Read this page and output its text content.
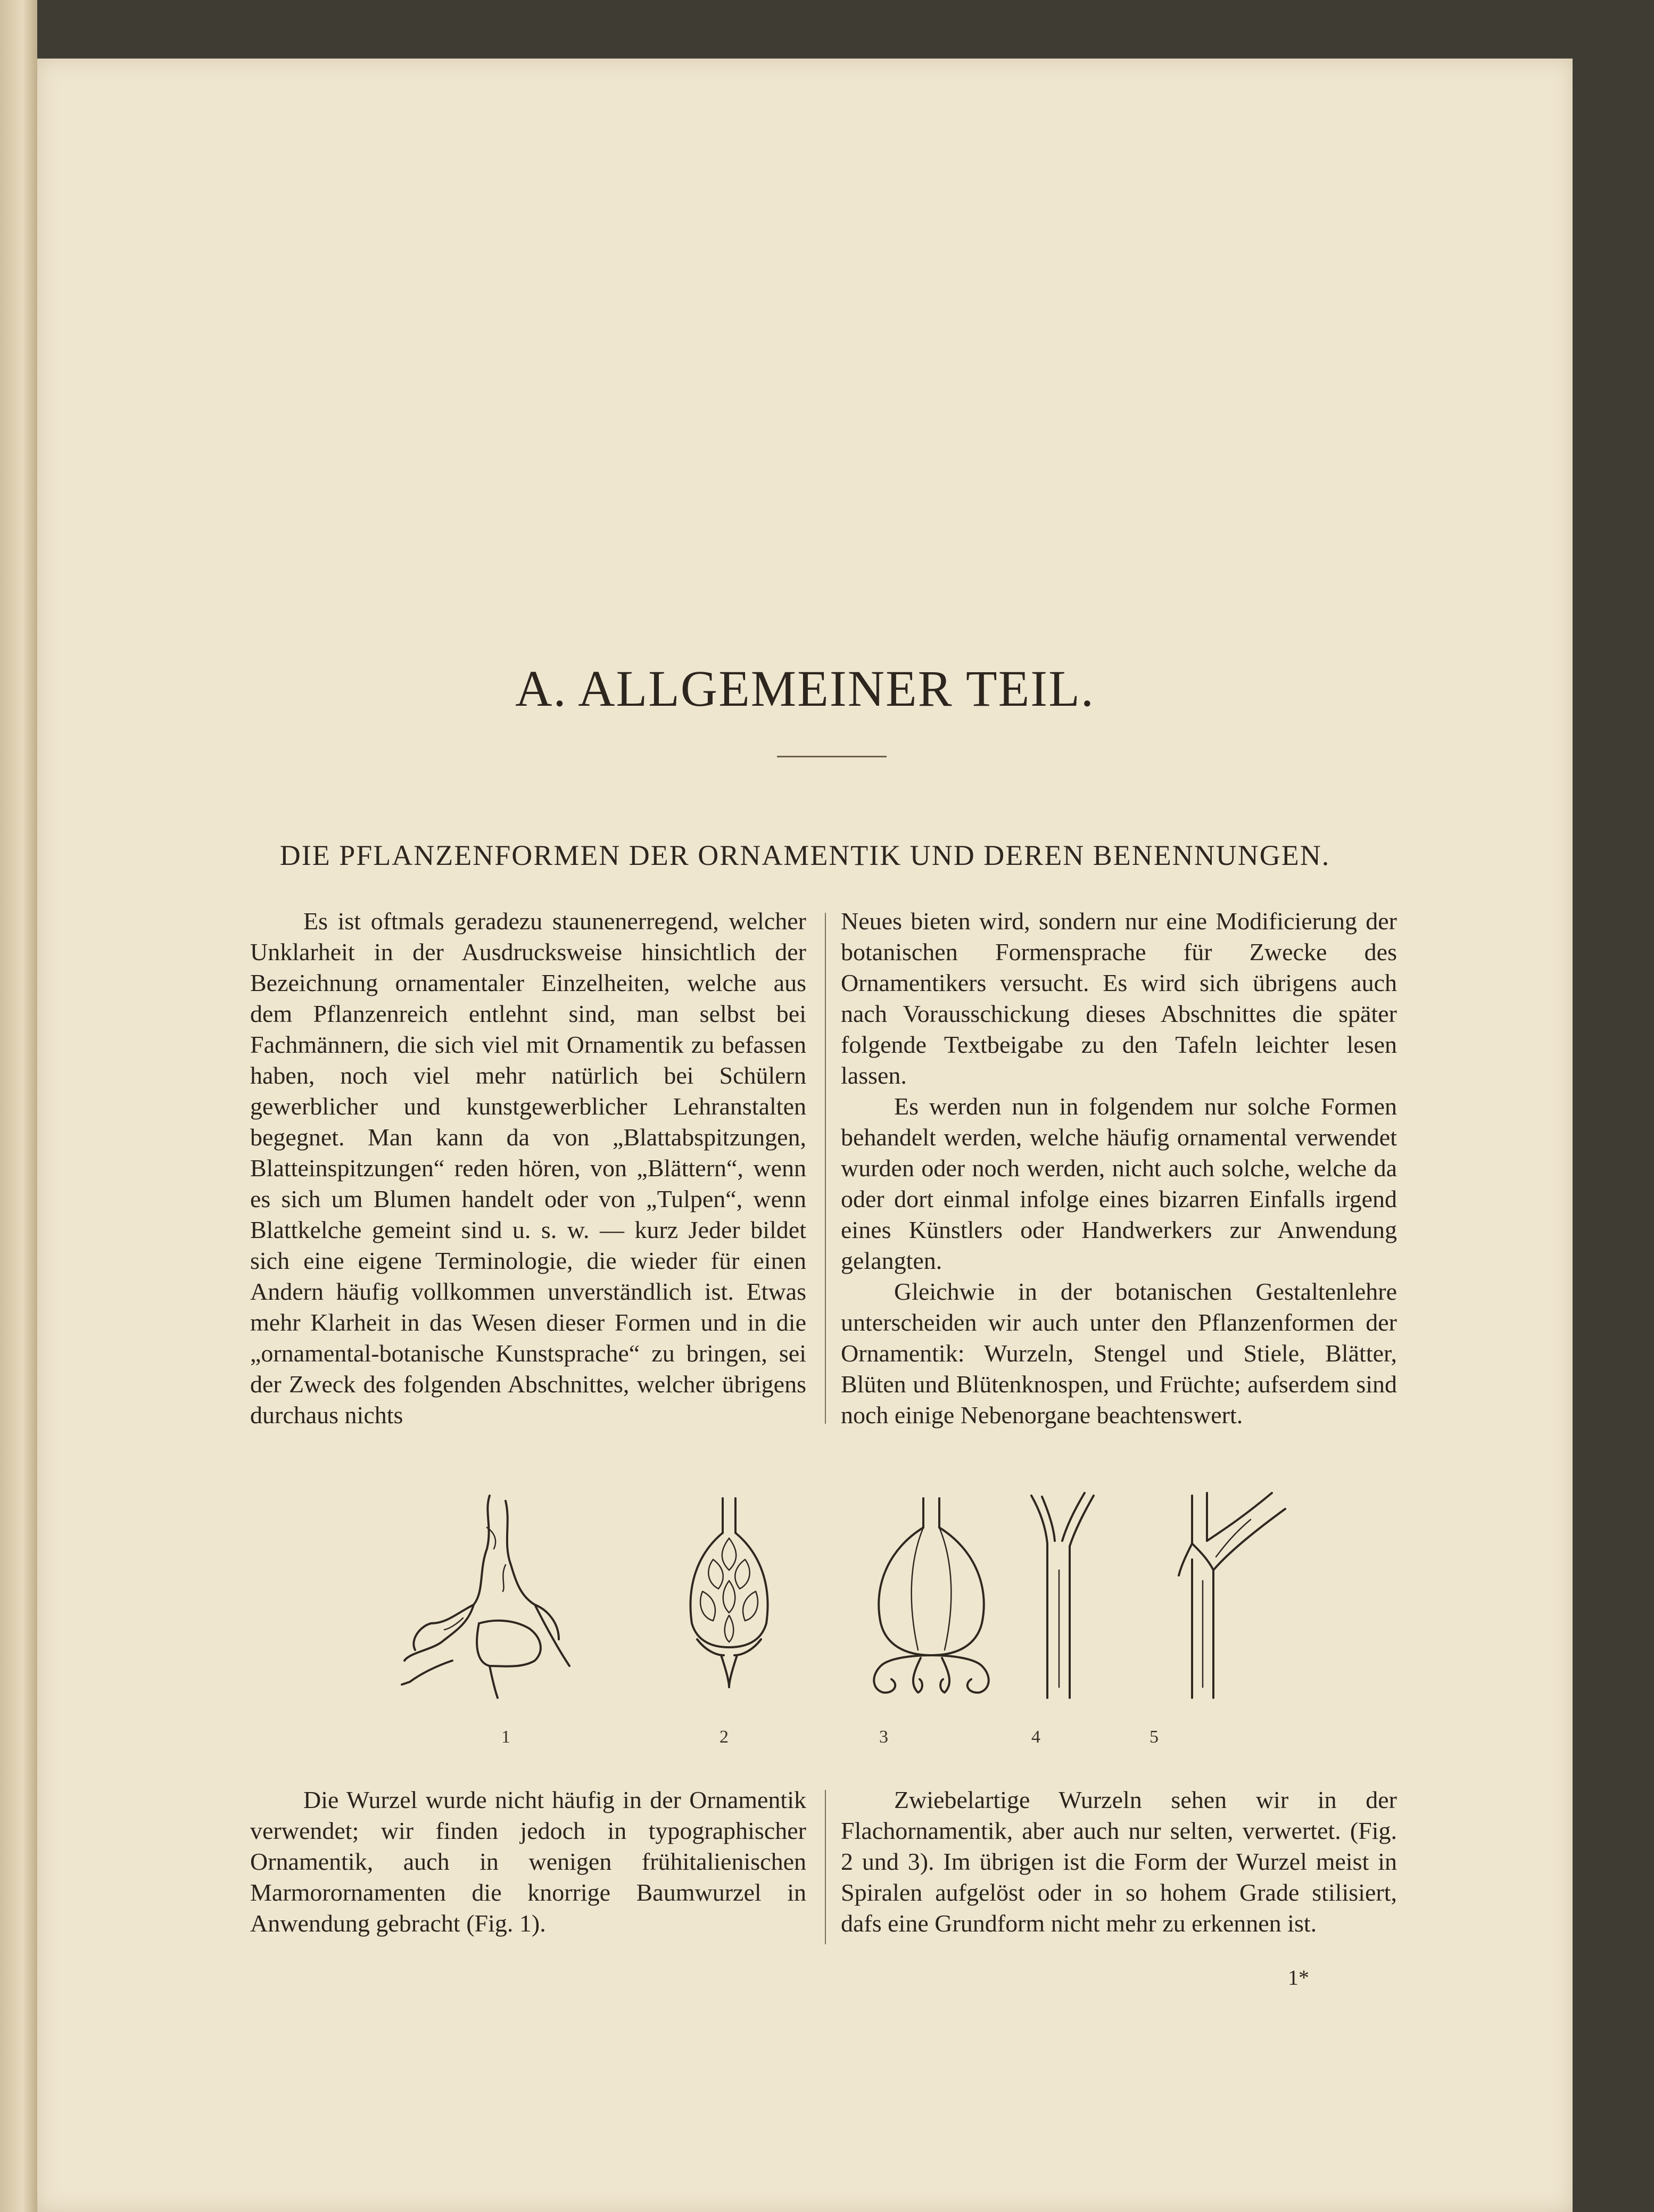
A. ALLGEMEINER TEIL.
DIE PFLANZENFORMEN DER ORNAMENTIK UND DEREN BENENNUNGEN.

Es ist oftmals geradezu staunenerregend, welcher Unklarheit in der Ausdrucksweise hinsichtlich der Bezeichnung ornamentaler Einzelheiten, welche aus dem Pflanzenreich entlehnt sind, man selbst bei Fachmännern, die sich viel mit Ornamentik zu befassen haben, noch viel mehr natürlich bei Schülern gewerblicher und kunstgewerblicher Lehranstalten begegnet. Man kann da von „Blattabspitzungen, Blatteinspitzungen“ reden hören, von „Blättern“, wenn es sich um Blumen handelt oder von „Tulpen“, wenn Blattkelche gemeint sind u. s. w. — kurz Jeder bildet sich eine eigene Terminologie, die wieder für einen Andern häufig vollkommen unverständlich ist. Etwas mehr Klarheit in das Wesen dieser Formen und in die „ornamental-botanische Kunstsprache“ zu bringen, sei der Zweck des folgenden Abschnittes, welcher übrigens durchaus nichts

Neues bieten wird, sondern nur eine Modificierung der botanischen Formensprache für Zwecke des Ornamentikers versucht. Es wird sich übrigens auch nach Vorausschickung dieses Abschnittes die später folgende Textbeigabe zu den Tafeln leichter lesen lassen.

Es werden nun in folgendem nur solche Formen behandelt werden, welche häufig ornamental verwendet wurden oder noch werden, nicht auch solche, welche da oder dort einmal infolge eines bizarren Einfalls irgend eines Künstlers oder Handwerkers zur Anwendung gelangten.

Gleichwie in der botanischen Gestaltenlehre unterscheiden wir auch unter den Pflanzenformen der Ornamentik: Wurzeln, Stengel und Stiele, Blätter, Blüten und Blütenknospen, und Früchte; aufserdem sind noch einige Nebenorgane beachtenswert.

1	2	3	4	5

Die Wurzel wurde nicht häufig in der Ornamentik verwendet; wir finden jedoch in typographischer Ornamentik, auch in wenigen frühitalienischen Marmorornamenten die knorrige Baumwurzel in Anwendung gebracht (Fig. 1).

Zwiebelartige Wurzeln sehen wir in der Flachornamentik, aber auch nur selten, verwertet. (Fig. 2 und 3). Im übrigen ist die Form der Wurzel meist in Spiralen aufgelöst oder in so hohem Grade stilisiert, dafs eine Grundform nicht mehr zu erkennen ist.

1*
